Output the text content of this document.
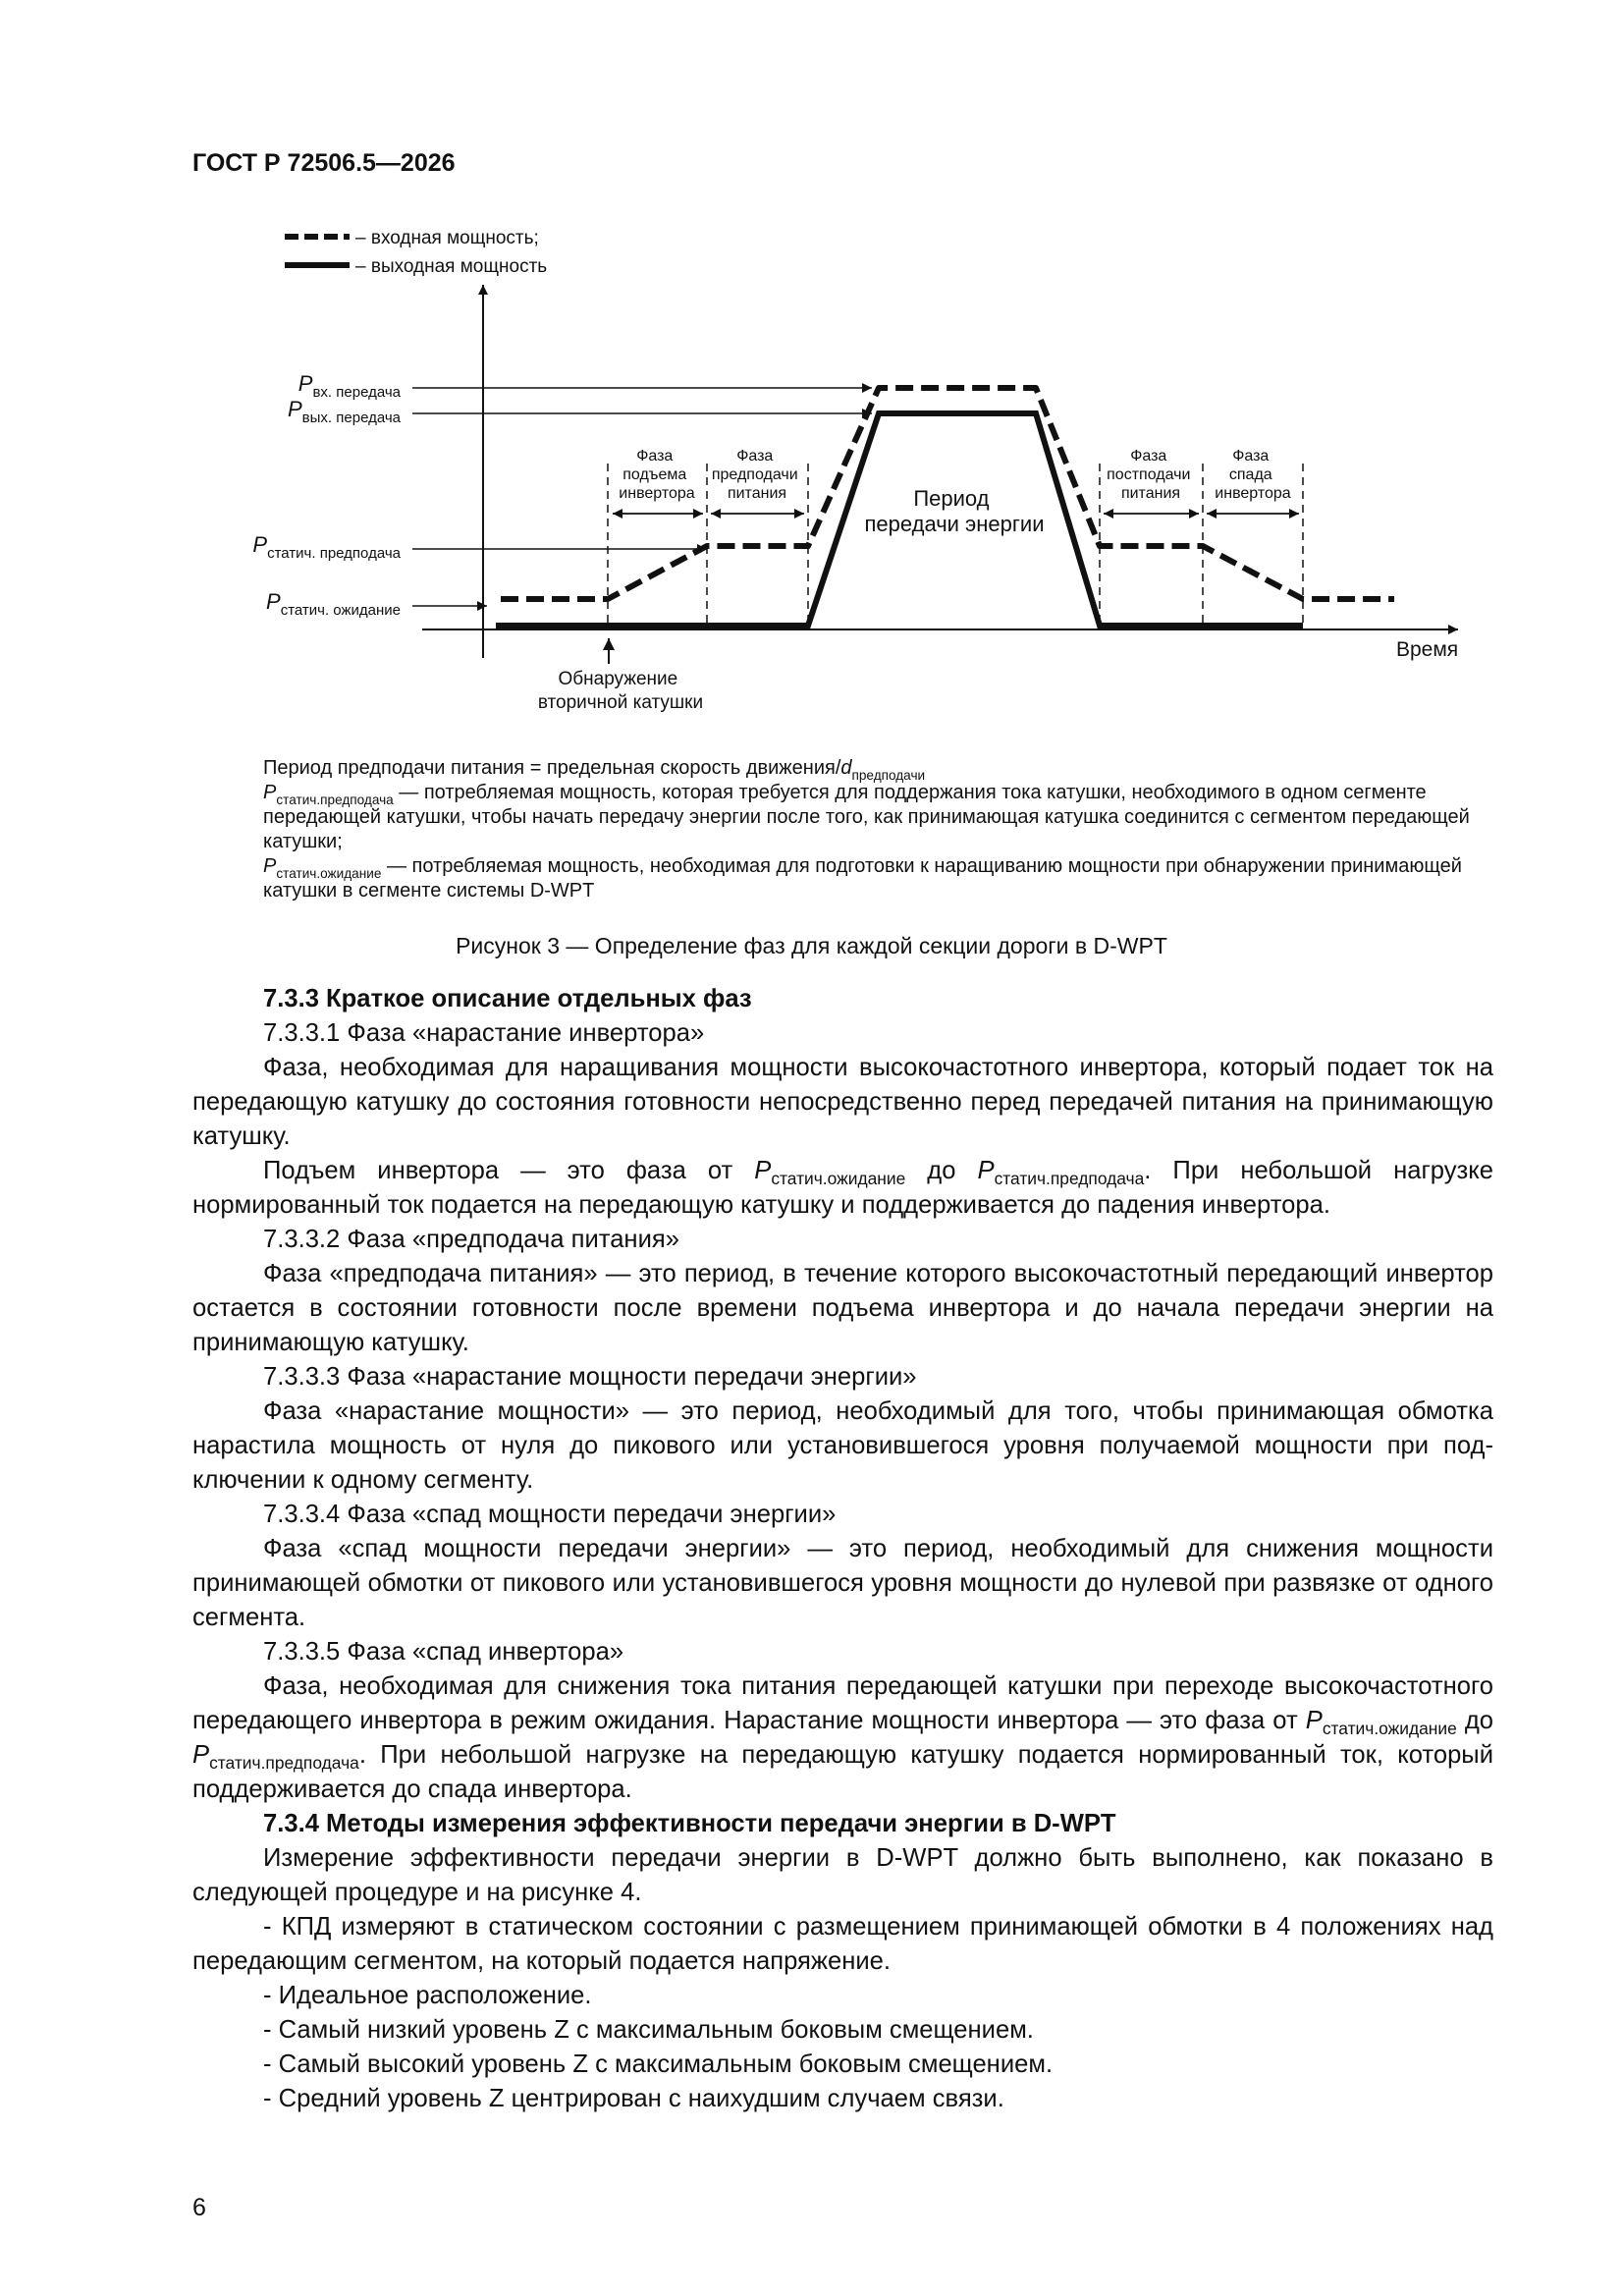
ГОСТ Р 72506.5—2026
– входная мощность;
– выходная мощность
$P_{вх. передача}$
$P_{вых. передача}$
$P_{статич. предподача}$
$P_{статич. ожидание}$
Фаза подъема инвертора
Фаза предподачи питания
Фаза постподачи питания
Фаза спада инвертора
Период передачи энергии
Обнаружение вторичной катушки
Время

Период предподачи питания = предельная скорость движения/$d_{предподачи}$

$P_{статич.предподача}$ — потребляемая мощность, которая требуется для поддержания тока катушки, необходимого в одном сегменте передающей катушки, чтобы начать передачу энергии после того, как принимающая катушка соединится с сегментом передающей катушки;

$P_{статич.ожидание}$ — потребляемая мощность, необходимая для подготовки к наращиванию мощности при обнаружении принимающей катушки в сегменте системы D-WPT

Рисунок 3 — Определение фаз для каждой секции дороги в D-WPT

7.3.3 Краткое описание отдельных фаз

7.3.3.1 Фаза «нарастание инвертора»

Фаза, необходимая для наращивания мощности высокочастотного инвертора, который подает ток на передающую катушку до состояния готовности непосредственно перед передачей питания на принимающую катушку.

Подъем инвертора — это фаза от $P_{статич.ожидание}$ до $P_{статич.предподача}$. При небольшой нагрузке нормированный ток подается на передающую катушку и поддерживается до падения инвертора.

7.3.3.2 Фаза «предподача питания»

Фаза «предподача питания» — это период, в течение которого высокочастотный передающий инвертор остается в состоянии готовности после времени подъема инвертора и до начала передачи энергии на принимающую катушку.

7.3.3.3 Фаза «нарастание мощности передачи энергии»

Фаза «нарастание мощности» — это период, необходимый для того, чтобы принимающая обмотка нарастила мощность от нуля до пикового или установившегося уровня получаемой мощности при подключении к одному сегменту.

7.3.3.4 Фаза «спад мощности передачи энергии»

Фаза «спад мощности передачи энергии» — это период, необходимый для снижения мощности принимающей обмотки от пикового или установившегося уровня мощности до нулевой при развязке от одного сегмента.

7.3.3.5 Фаза «спад инвертора»

Фаза, необходимая для снижения тока питания передающей катушки при переходе высокочастотного передающего инвертора в режим ожидания. Нарастание мощности инвертора — это фаза от $P_{статич.ожидание}$ до $P_{статич.предподача}$. При небольшой нагрузке на передающую катушку подается нормированный ток, который поддерживается до спада инвертора.

7.3.4 Методы измерения эффективности передачи энергии в D-WPT

Измерение эффективности передачи энергии в D-WPT должно быть выполнено, как показано в следующей процедуре и на рисунке 4.

- КПД измеряют в статическом состоянии с размещением принимающей обмотки в 4 положениях над передающим сегментом, на который подается напряжение.

- Идеальное расположение.

- Самый низкий уровень Z с максимальным боковым смещением.

- Самый высокий уровень Z с максимальным боковым смещением.

- Средний уровень Z центрирован с наихудшим случаем связи.

6
